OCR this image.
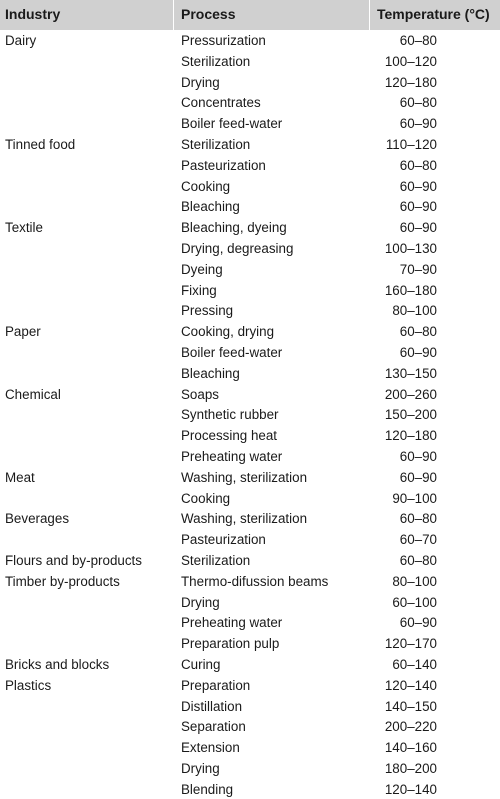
Industry	Process	Temperature (°C)
Dairy	Pressurization	60–80
Sterilization	100–120
Drying	120–180
Concentrates	60–80
Boiler feed-water	60–90
Tinned food	Sterilization	110–120
Pasteurization	60–80
Cooking	60–90
Bleaching	60–90
Textile	Bleaching, dyeing	60–90
Drying, degreasing	100–130
Dyeing	70–90
Fixing	160–180
Pressing	80–100
Paper	Cooking, drying	60–80
Boiler feed-water	60–90
Bleaching	130–150
Chemical	Soaps	200–260
Synthetic rubber	150–200
Processing heat	120–180
Preheating water	60–90
Meat	Washing, sterilization	60–90
Cooking	90–100
Beverages	Washing, sterilization	60–80
Pasteurization	60–70
Flours and by-products	Sterilization	60–80
Timber by-products	Thermo-difussion beams	80–100
Drying	60–100
Preheating water	60–90
Preparation pulp	120–170
Bricks and blocks	Curing	60–140
Plastics	Preparation	120–140
Distillation	140–150
Separation	200–220
Extension	140–160
Drying	180–200
Blending	120–140
